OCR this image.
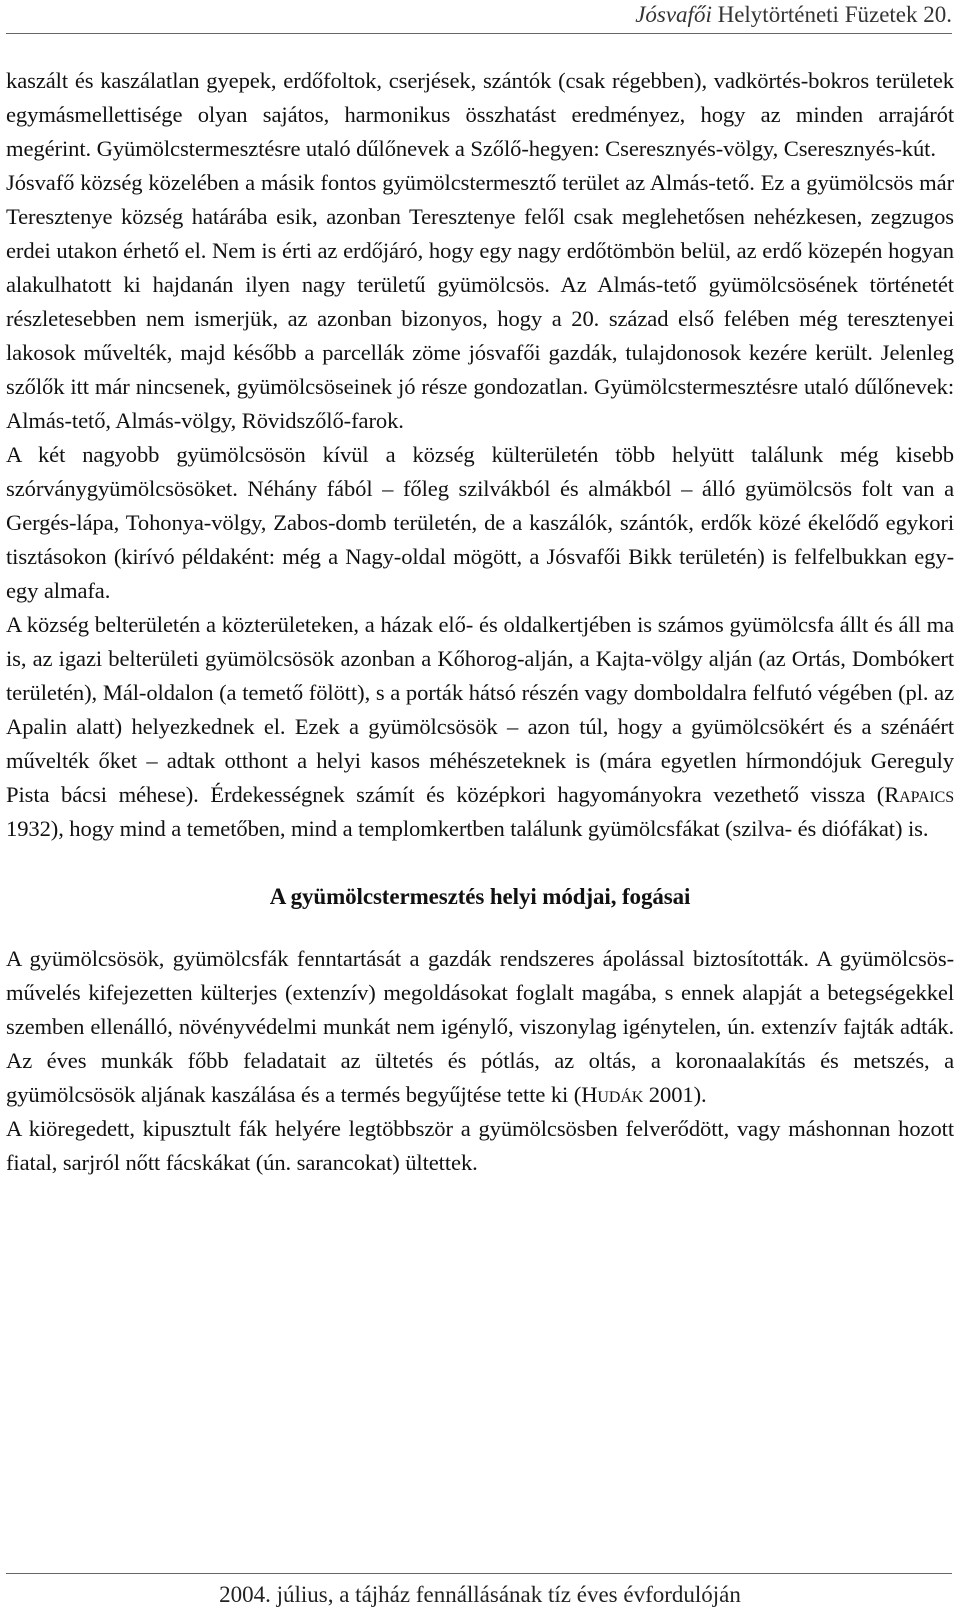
Jósvafői Helytörténeti Füzetek 20.

kaszált és kaszálatlan gyepek, erdőfoltok, cserjések, szántók (csak régebben), vadkörtés-bokros területek egymásmellettisége olyan sajátos, harmonikus összhatást eredményez, hogy az minden arrajárót megérint. Gyümölcstermesztésre utaló dűlőnevek a Szőlő-hegyen: Cseresznyés-völgy, Cseresznyés-kút.

Jósvafő község közelében a másik fontos gyümölcstermesztő terület az Almás-tető. Ez a gyümölcsös már Teresztenye község határába esik, azonban Teresztenye felől csak meglehetősen nehézkesen, zegzugos erdei utakon érhető el. Nem is érti az erdőjáró, hogy egy nagy erdőtömbön belül, az erdő közepén hogyan alakulhatott ki hajdanán ilyen nagy területű gyümölcsös. Az Almás-tető gyümölcsösének történetét részletesebben nem ismerjük, az azonban bizonyos, hogy a 20. század első felében még teresztenyei lakosok művelték, majd később a parcellák zöme jósvafői gazdák, tulajdonosok kezére került. Jelenleg szőlők itt már nincsenek, gyümölcsöseinek jó része gondozatlan. Gyümölcstermesztésre utaló dűlőnevek: Almás-tető, Almás-völgy, Rövidszőlő-farok.

A két nagyobb gyümölcsösön kívül a község külterületén több helyütt találunk még kisebb szórványgyümölcsösöket. Néhány fából – főleg szilvákból és almákból – álló gyümölcsös folt van a Gergés-lápa, Tohonya-völgy, Zabos-domb területén, de a kaszálók, szántók, erdők közé ékelődő egykori tisztásokon (kirívó példaként: még a Nagy-oldal mögött, a Jósvafői Bikk területén) is felfelbukkan egy-egy almafa.

A község belterületén a közterületeken, a házak elő- és oldalkertjében is számos gyümölcsfa állt és áll ma is, az igazi belterületi gyümölcsösök azonban a Kőhorog-alján, a Kajta-völgy alján (az Ortás, Dombókert területén), Mál-oldalon (a temető fölött), s a porták hátsó részén vagy domboldalra felfutó végében (pl. az Apalin alatt) helyezkednek el. Ezek a gyümölcsösök – azon túl, hogy a gyümölcsökért és a szénáért művelték őket – adtak otthont a helyi kasos méhészeteknek is (mára egyetlen hírmondójuk Gereguly Pista bácsi méhese). Érdekességnek számít és középkori hagyományokra vezethető vissza (Rapaics 1932), hogy mind a temetőben, mind a templomkertben találunk gyümölcsfákat (szilva- és diófákat) is.

A gyümölcstermesztés helyi módjai, fogásai

A gyümölcsösök, gyümölcsfák fenntartását a gazdák rendszeres ápolással biztosították. A gyümölcsös-művelés kifejezetten külterjes (extenzív) megoldásokat foglalt magába, s ennek alapját a betegségekkel szemben ellenálló, növényvédelmi munkát nem igénylő, viszonylag igénytelen, ún. extenzív fajták adták. Az éves munkák főbb feladatait az ültetés és pótlás, az oltás, a koronaalakítás és metszés, a gyümölcsösök aljának kaszálása és a termés begyűjtése tette ki (Hudák 2001).

A kiöregedett, kipusztult fák helyére legtöbbször a gyümölcsösben felverődött, vagy máshonnan hozott fiatal, sarjról nőtt fácskákat (ún. sarancokat) ültettek.

2004. július, a tájház fennállásának tíz éves évfordulóján
